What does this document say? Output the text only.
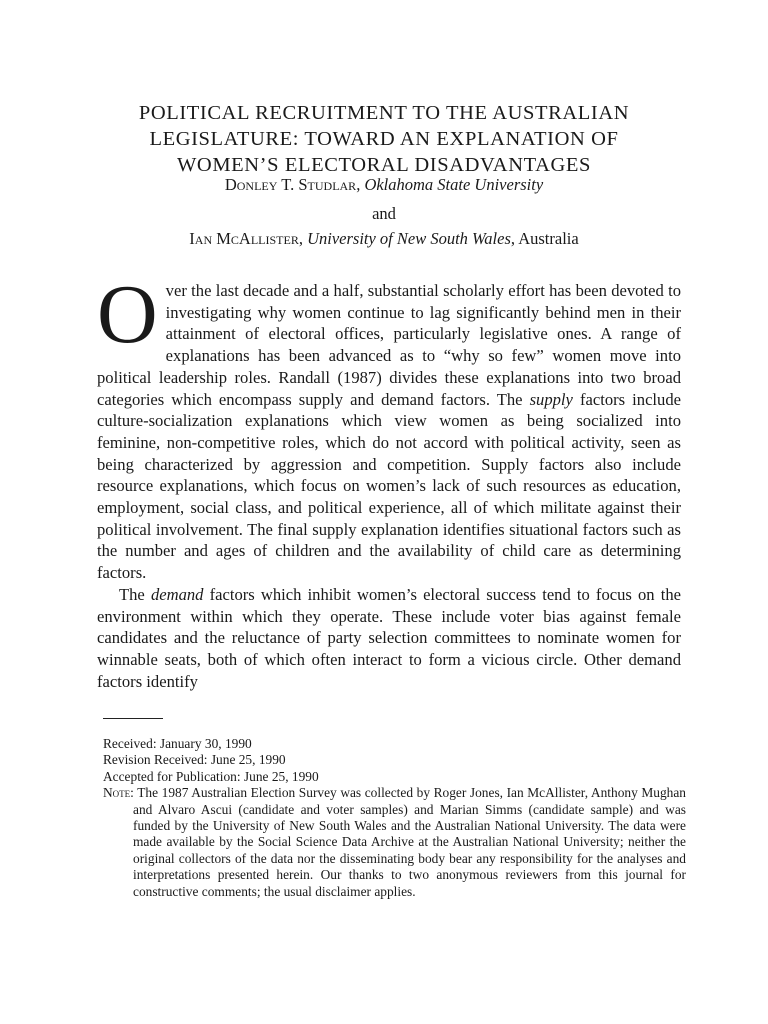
POLITICAL RECRUITMENT TO THE AUSTRALIAN
LEGISLATURE: TOWARD AN EXPLANATION OF
WOMEN’S ELECTORAL DISADVANTAGES
Donley T. Studlar, Oklahoma State University
and
Ian McAllister, University of New South Wales, Australia

Over the last decade and a half, substantial scholarly effort has been devoted to investigating why women continue to lag significantly behind men in their attainment of electoral offices, particularly legislative ones. A range of explanations has been advanced as to “why so few” women move into political leadership roles. Randall (1987) divides these explanations into two broad categories which encompass supply and demand factors. The supply factors include culture-socialization explanations which view women as being socialized into feminine, non-competitive roles, which do not accord with political activity, seen as being characterized by aggression and competition. Supply factors also include resource explanations, which focus on women’s lack of such resources as education, employment, social class, and political experience, all of which militate against their political involvement. The final supply explanation identifies situational factors such as the number and ages of children and the availability of child care as determining factors.

The demand factors which inhibit women’s electoral success tend to focus on the environment within which they operate. These include voter bias against female candidates and the reluctance of party selection committees to nominate women for winnable seats, both of which often interact to form a vicious circle. Other demand factors identify

Received: January 30, 1990
Revision Received: June 25, 1990
Accepted for Publication: June 25, 1990
Note: The 1987 Australian Election Survey was collected by Roger Jones, Ian McAllister, Anthony Mughan and Alvaro Ascui (candidate and voter samples) and Marian Simms (candidate sample) and was funded by the University of New South Wales and the Australian National University. The data were made available by the Social Science Data Archive at the Australian National University; neither the original collectors of the data nor the disseminating body bear any responsibility for the analyses and interpretations presented herein. Our thanks to two anonymous reviewers from this journal for constructive comments; the usual disclaimer applies.
